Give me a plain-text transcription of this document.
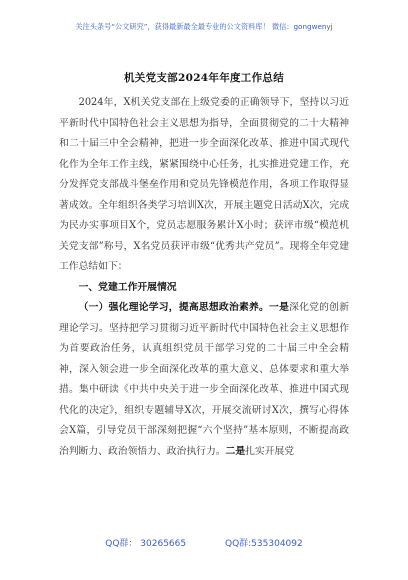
关注头条号“公文研究”，获得最新最全最专业的公文资料库！ 微信：gongwenyj
机关党支部2024年年度工作总结

2024年，X机关党支部在上级党委的正确领导下，坚持以习近平新时代中国特色社会主义思想为指导，全面贯彻党的二十大精神和二十届三中全会精神，把进一步全面深化改革、推进中国式现代化作为全年工作主线，紧紧围绕中心任务，扎实推进党建工作，充分发挥党支部战斗堡垒作用和党员先锋模范作用，各项工作取得显著成效。全年组织各类学习培训X次，开展主题党日活动X次，完成为民办实事项目X个，党员志愿服务累计X小时；获评市级“模范机关党支部”称号，X名党员获评市级“优秀共产党员”。现将全年党建工作总结如下：

一、党建工作开展情况

（一）强化理论学习，提高思想政治素养。一是深化党的创新理论学习。坚持把学习贯彻习近平新时代中国特色社会主义思想作为首要政治任务，认真组织党员干部学习党的二十届三中全会精神，深入领会进一步全面深化改革的重大意义、总体要求和重大举措。集中研读《中共中央关于进一步全面深化改革、推进中国式现代化的决定》，组织专题辅导X次，开展交流研讨X次，撰写心得体会X篇，引导党员干部深刻把握“六个坚持”基本原则，不断提高政治判断力、政治领悟力、政治执行力。二是扎实开展党

QQ群： 30265665	QQ群:535304092
